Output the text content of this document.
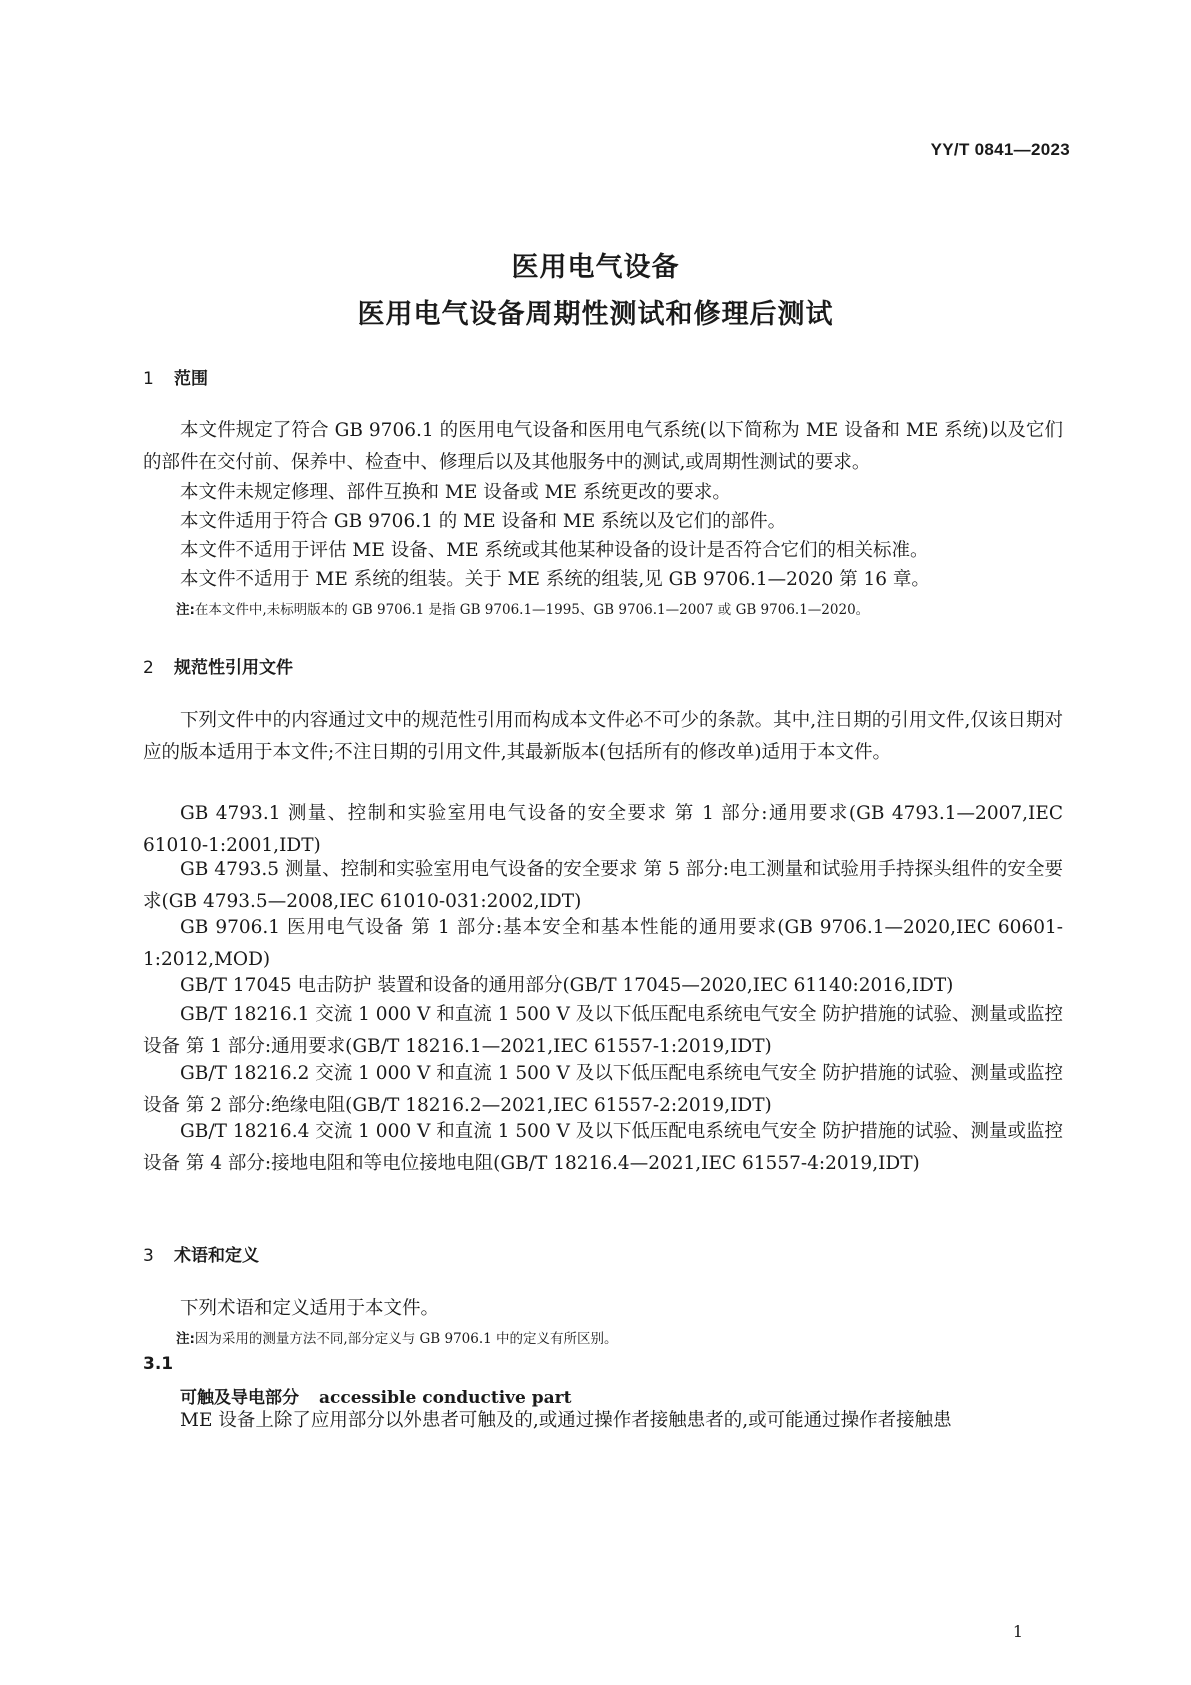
YY/T 0841—2023
医用电气设备
医用电气设备周期性测试和修理后测试
1 范围

本文件规定了符合 GB 9706.1 的医用电气设备和医用电气系统(以下简称为 ME 设备和 ME 系统)以及它们的部件在交付前、保养中、检查中、修理后以及其他服务中的测试,或周期性测试的要求。

本文件未规定修理、部件互换和 ME 设备或 ME 系统更改的要求。

本文件适用于符合 GB 9706.1 的 ME 设备和 ME 系统以及它们的部件。

本文件不适用于评估 ME 设备、ME 系统或其他某种设备的设计是否符合它们的相关标准。

本文件不适用于 ME 系统的组装。关于 ME 系统的组装,见 GB 9706.1—2020 第 16 章。

注:在本文件中,未标明版本的 GB 9706.1 是指 GB 9706.1—1995、GB 9706.1—2007 或 GB 9706.1—2020。
2 规范性引用文件

下列文件中的内容通过文中的规范性引用而构成本文件必不可少的条款。其中,注日期的引用文件,仅该日期对应的版本适用于本文件;不注日期的引用文件,其最新版本(包括所有的修改单)适用于本文件。

GB 4793.1 测量、控制和实验室用电气设备的安全要求 第 1 部分:通用要求(GB 4793.1—2007,IEC 61010-1:2001,IDT)

GB 4793.5 测量、控制和实验室用电气设备的安全要求 第 5 部分:电工测量和试验用手持探头组件的安全要求(GB 4793.5—2008,IEC 61010-031:2002,IDT)

GB 9706.1 医用电气设备 第 1 部分:基本安全和基本性能的通用要求(GB 9706.1—2020,IEC 60601-1:2012,MOD)

GB/T 17045 电击防护 装置和设备的通用部分(GB/T 17045—2020,IEC 61140:2016,IDT)

GB/T 18216.1 交流 1 000 V 和直流 1 500 V 及以下低压配电系统电气安全 防护措施的试验、测量或监控设备 第 1 部分:通用要求(GB/T 18216.1—2021,IEC 61557-1:2019,IDT)

GB/T 18216.2 交流 1 000 V 和直流 1 500 V 及以下低压配电系统电气安全 防护措施的试验、测量或监控设备 第 2 部分:绝缘电阻(GB/T 18216.2—2021,IEC 61557-2:2019,IDT)

GB/T 18216.4 交流 1 000 V 和直流 1 500 V 及以下低压配电系统电气安全 防护措施的试验、测量或监控设备 第 4 部分:接地电阻和等电位接地电阻(GB/T 18216.4—2021,IEC 61557-4:2019,IDT)

3 术语和定义

下列术语和定义适用于本文件。

注:因为采用的测量方法不同,部分定义与 GB 9706.1 中的定义有所区别。
3.1
可触及导电部分 accessible conductive part

ME 设备上除了应用部分以外患者可触及的,或通过操作者接触患者的,或可能通过操作者接触患

1
